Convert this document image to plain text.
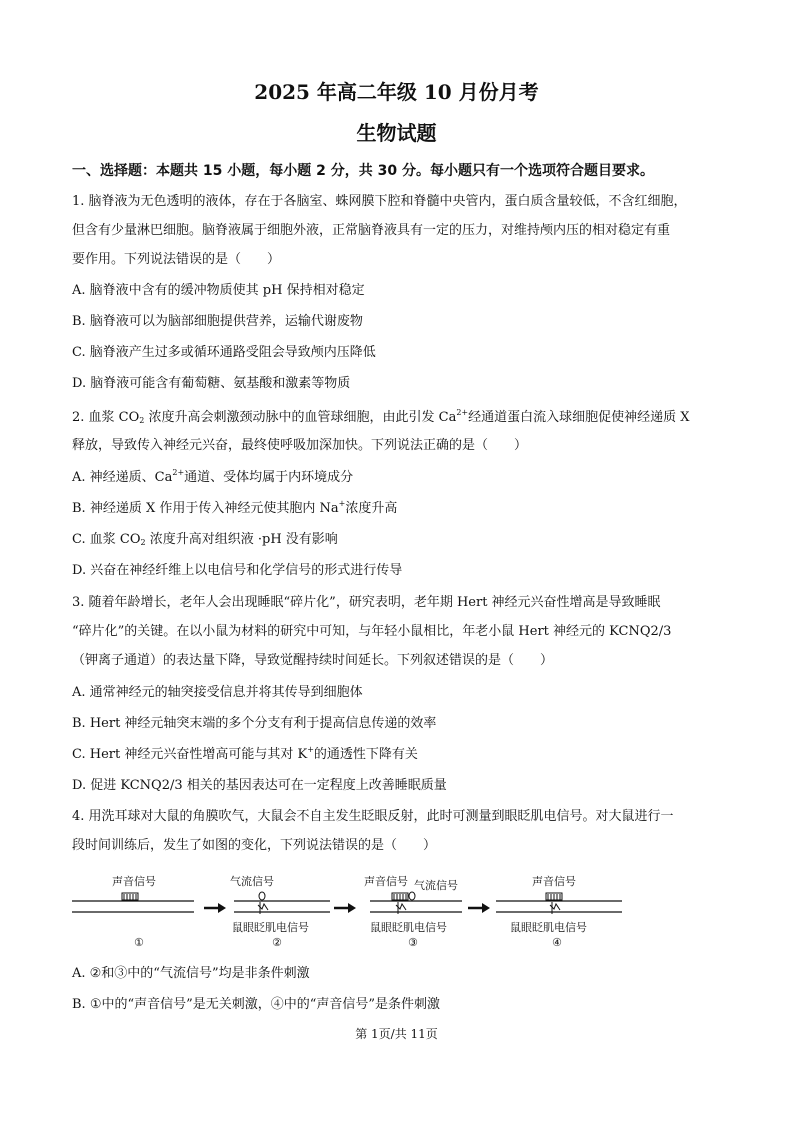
2025 年高二年级 10 月份月考
生物试题
一、选择题：本题共 15 小题，每小题 2 分，共 30 分。每小题只有一个选项符合题目要求。
1. 脑脊液为无色透明的液体，存在于各脑室、蛛网膜下腔和脊髓中央管内，蛋白质含量较低，不含红细胞，
但含有少量淋巴细胞。脑脊液属于细胞外液，正常脑脊液具有一定的压力，对维持颅内压的相对稳定有重
要作用。下列说法错误的是（　　）
A. 脑脊液中含有的缓冲物质使其 pH 保持相对稳定
B. 脑脊液可以为脑部细胞提供营养，运输代谢废物
C. 脑脊液产生过多或循环通路受阻会导致颅内压降低
D. 脑脊液可能含有葡萄糖、氨基酸和激素等物质
2. 血浆 $CO_2$ 浓度升高会刺激颈动脉中的血管球细胞，由此引发 $Ca^{2+}$经通道蛋白流入球细胞促使神经递质 X
释放，导致传入神经元兴奋，最终使呼吸加深加快。下列说法正确的是（　　）
A. 神经递质、$Ca^{2+}$通道、受体均属于内环境成分
B. 神经递质 X 作用于传入神经元使其胞内 Na+浓度升高
C. 血浆 $CO_2$ 浓度升高对组织液 ·pH 没有影响
D. 兴奋在神经纤维上以电信号和化学信号的形式进行传导
3. 随着年龄增长，老年人会出现睡眠“碎片化”，研究表明，老年期 Hert 神经元兴奋性增高是导致睡眠
“碎片化”的关键。在以小鼠为材料的研究中可知，与年轻小鼠相比，年老小鼠 Hert 神经元的 KCNQ2/3
（钾离子通道）的表达量下降，导致觉醒持续时间延长。下列叙述错误的是（　　）
A. 通常神经元的轴突接受信息并将其传导到细胞体
B. Hert 神经元轴突末端的多个分支有利于提高信息传递的效率
C. Hert 神经元兴奋性增高可能与其对 K+的通透性下降有关
D. 促进 KCNQ2/3 相关的基因表达可在一定程度上改善睡眠质量
4. 用洗耳球对大鼠的角膜吹气，大鼠会不自主发生眨眼反射，此时可测量到眼眨肌电信号。对大鼠进行一
段时间训练后，发生了如图的变化，下列说法错误的是（　　）
声音信号
①
气流信号
鼠眼眨肌电信号
②
声音信号 气流信号
鼠眼眨肌电信号
③
声音信号
鼠眼眨肌电信号
④
A. ②和③中的“气流信号”均是非条件刺激
B. ①中的“声音信号”是无关刺激，④中的“声音信号”是条件刺激
第 1页/共 11页
